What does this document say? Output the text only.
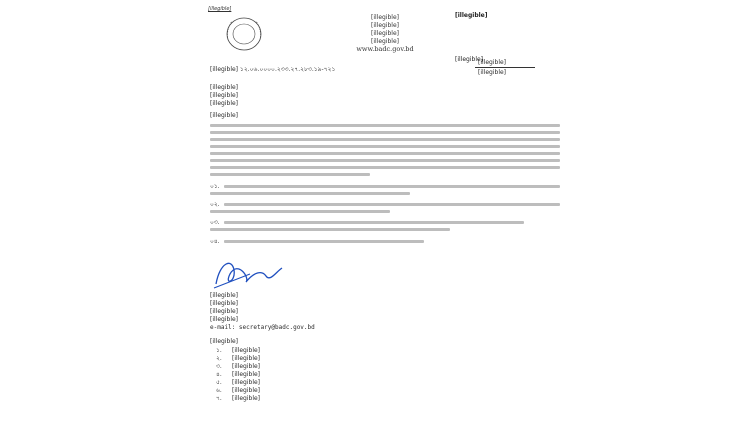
[illegible]
[illegible]
[illegible]
[illegible]
[illegible]
www.badc.gov.bd
[illegible]
[illegible] ১২.০৬.০০০০.২৩৩.২৭.২৮৩.১৯-৭২১
[illegible]
[illegible]
[illegible]
[illegible]
[illegible]
[illegible]
[illegible]
০১.
০২.
০৩.
০৪.
[illegible]
[illegible]
[illegible]
[illegible]
e-mail: secretary@badc.gov.bd
[illegible]
১. [illegible]
২. [illegible]
৩. [illegible]
৪. [illegible]
৫. [illegible]
৬. [illegible]
৭. [illegible]
